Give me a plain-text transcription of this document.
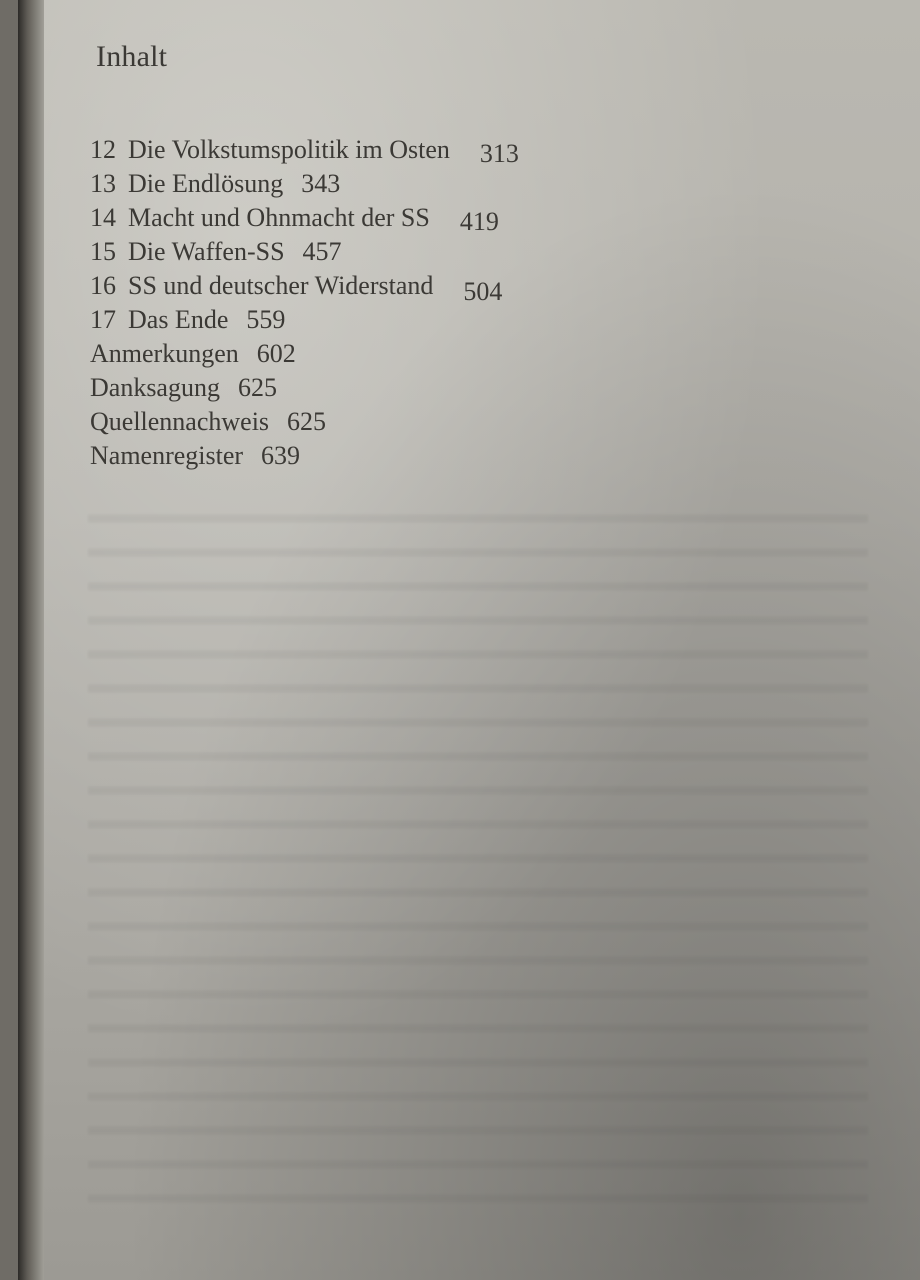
Inhalt
12 Die Volkstumspolitik im Osten 313
13 Die Endlösung 343
14 Macht und Ohnmacht der SS 419
15 Die Waffen-SS 457
16 SS und deutscher Widerstand 504
17 Das Ende 559
Anmerkungen 602
Danksagung 625
Quellennachweis 625
Namenregister 639
